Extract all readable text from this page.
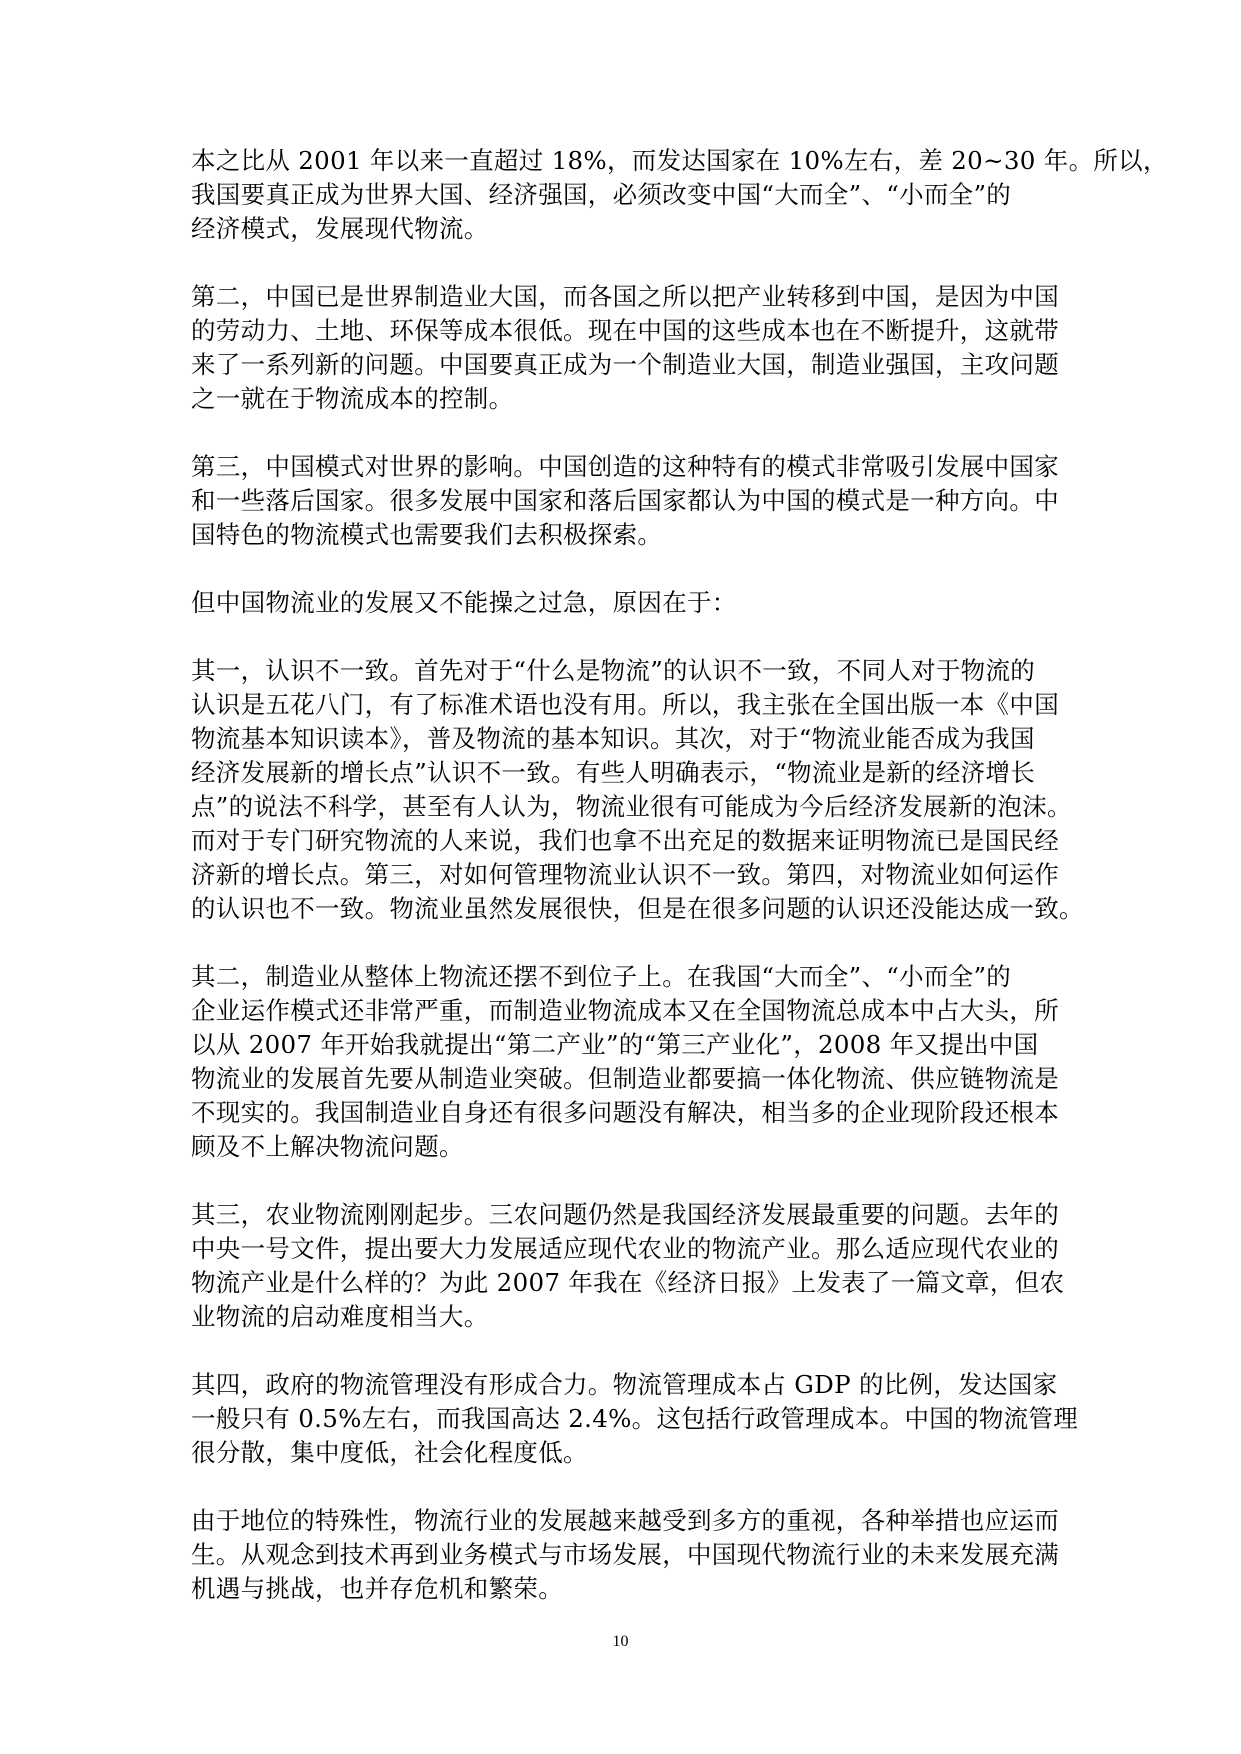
本之比从 2001 年以来一直超过 18%，而发达国家在 10%左右，差 20~30 年。所以，
我国要真正成为世界大国、经济强国，必须改变中国“大而全”、“小而全”的
经济模式，发展现代物流。

第二，中国已是世界制造业大国，而各国之所以把产业转移到中国，是因为中国
的劳动力、土地、环保等成本很低。现在中国的这些成本也在不断提升，这就带
来了一系列新的问题。中国要真正成为一个制造业大国，制造业强国，主攻问题
之一就在于物流成本的控制。

第三，中国模式对世界的影响。中国创造的这种特有的模式非常吸引发展中国家
和一些落后国家。很多发展中国家和落后国家都认为中国的模式是一种方向。中
国特色的物流模式也需要我们去积极探索。

但中国物流业的发展又不能操之过急，原因在于：

其一，认识不一致。首先对于“什么是物流”的认识不一致，不同人对于物流的
认识是五花八门，有了标准术语也没有用。所以，我主张在全国出版一本《中国
物流基本知识读本》，普及物流的基本知识。其次，对于“物流业能否成为我国
经济发展新的增长点”认识不一致。有些人明确表示，“物流业是新的经济增长
点”的说法不科学，甚至有人认为，物流业很有可能成为今后经济发展新的泡沫。
而对于专门研究物流的人来说，我们也拿不出充足的数据来证明物流已是国民经
济新的增长点。第三，对如何管理物流业认识不一致。第四，对物流业如何运作
的认识也不一致。物流业虽然发展很快，但是在很多问题的认识还没能达成一致。

其二，制造业从整体上物流还摆不到位子上。在我国“大而全”、“小而全”的
企业运作模式还非常严重，而制造业物流成本又在全国物流总成本中占大头，所
以从 2007 年开始我就提出“第二产业”的“第三产业化”，2008 年又提出中国
物流业的发展首先要从制造业突破。但制造业都要搞一体化物流、供应链物流是
不现实的。我国制造业自身还有很多问题没有解决，相当多的企业现阶段还根本
顾及不上解决物流问题。

其三，农业物流刚刚起步。三农问题仍然是我国经济发展最重要的问题。去年的
中央一号文件，提出要大力发展适应现代农业的物流产业。那么适应现代农业的
物流产业是什么样的？为此 2007 年我在《经济日报》上发表了一篇文章，但农
业物流的启动难度相当大。

其四，政府的物流管理没有形成合力。物流管理成本占 GDP 的比例，发达国家
一般只有 0.5%左右，而我国高达 2.4%。这包括行政管理成本。中国的物流管理
很分散，集中度低，社会化程度低。

由于地位的特殊性，物流行业的发展越来越受到多方的重视，各种举措也应运而
生。从观念到技术再到业务模式与市场发展，中国现代物流行业的未来发展充满
机遇与挑战，也并存危机和繁荣。

10
